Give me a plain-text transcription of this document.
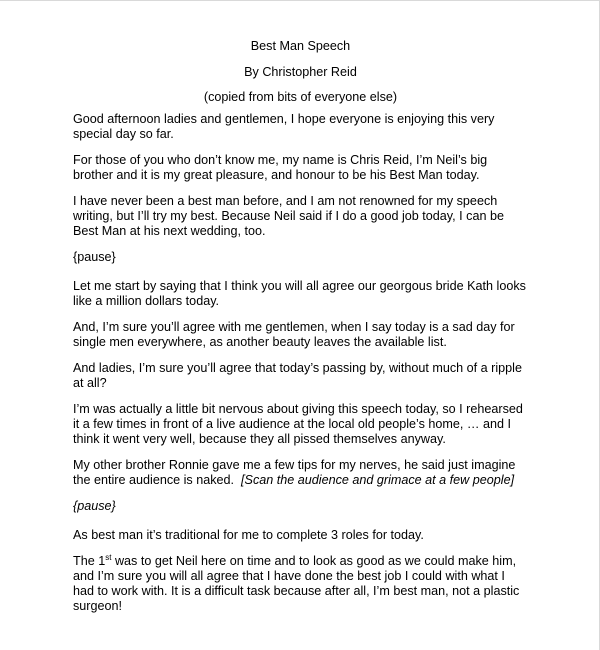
Best Man Speech
By Christopher Reid
(copied from bits of everyone else)

Good afternoon ladies and gentlemen, I hope everyone is enjoying this very special day so far.

For those of you who don’t know me, my name is Chris Reid, I’m Neil’s big brother and it is my great pleasure, and honour to be his Best Man today.

I have never been a best man before, and I am not renowned for my speech writing, but I’ll try my best. Because Neil said if I do a good job today, I can be Best Man at his next wedding, too.

{pause}

Let me start by saying that I think you will all agree our georgous bride Kath looks like a million dollars today.

And, I’m sure you’ll agree with me gentlemen, when I say today is a sad day for single men everywhere, as another beauty leaves the available list.

And ladies, I’m sure you’ll agree that today’s passing by, without much of a ripple at all?

I’m was actually a little bit nervous about giving this speech today, so I rehearsed it a few times in front of a live audience at the local old people’s home, … and I think it went very well, because they all pissed themselves anyway.

My other brother Ronnie gave me a few tips for my nerves, he said just imagine the entire audience is naked. [Scan the audience and grimace at a few people]

{pause}

As best man it’s traditional for me to complete 3 roles for today.

The 1st was to get Neil here on time and to look as good as we could make him, and I’m sure you will all agree that I have done the best job I could with what I had to work with. It is a difficult task because after all, I’m best man, not a plastic surgeon!
